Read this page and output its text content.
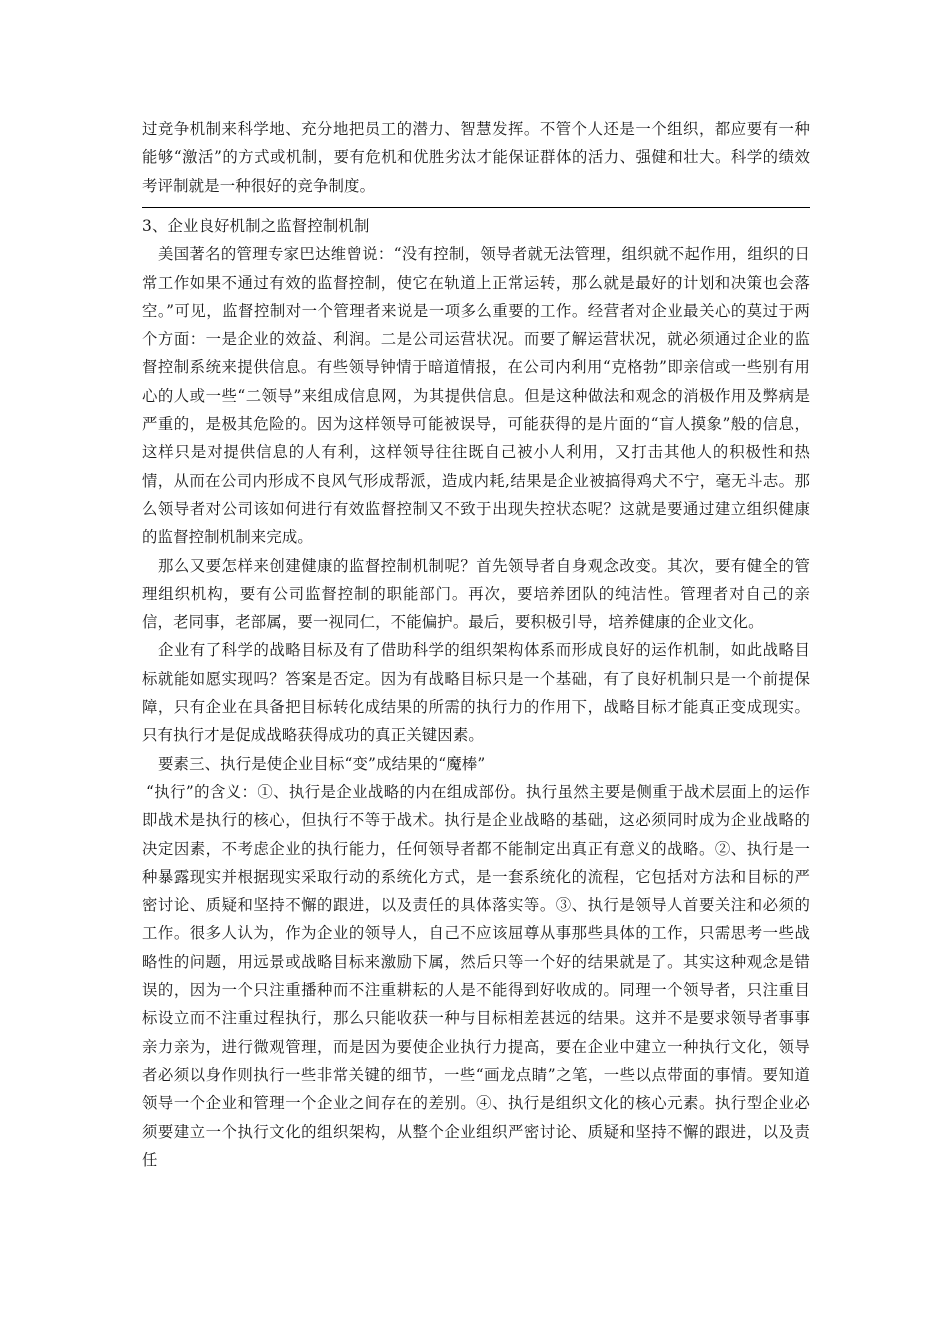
过竞争机制来科学地、充分地把员工的潜力、智慧发挥。不管个人还是一个组织，都应要有一种能够“激活”的方式或机制，要有危机和优胜劣汰才能保证群体的活力、强健和壮大。科学的绩效考评制就是一种很好的竞争制度。

3、企业良好机制之监督控制机制

美国著名的管理专家巴达维曾说：“没有控制，领导者就无法管理，组织就不起作用，组织的日常工作如果不通过有效的监督控制，使它在轨道上正常运转，那么就是最好的计划和决策也会落空。”可见，监督控制对一个管理者来说是一项多么重要的工作。经营者对企业最关心的莫过于两个方面：一是企业的效益、利润。二是公司运营状况。而要了解运营状况，就必须通过企业的监督控制系统来提供信息。有些领导钟情于暗道情报，在公司内利用“克格勃”即亲信或一些别有用心的人或一些“二领导”来组成信息网，为其提供信息。但是这种做法和观念的消极作用及弊病是严重的，是极其危险的。因为这样领导可能被误导，可能获得的是片面的“盲人摸象”般的信息，这样只是对提供信息的人有利，这样领导往往既自己被小人利用，又打击其他人的积极性和热情，从而在公司内形成不良风气形成帮派，造成内耗,结果是企业被搞得鸡犬不宁，毫无斗志。那么领导者对公司该如何进行有效监督控制又不致于出现失控状态呢？这就是要通过建立组织健康的监督控制机制来完成。

那么又要怎样来创建健康的监督控制机制呢？首先领导者自身观念改变。其次，要有健全的管理组织机构，要有公司监督控制的职能部门。再次，要培养团队的纯洁性。管理者对自己的亲信，老同事，老部属，要一视同仁，不能偏护。最后，要积极引导，培养健康的企业文化。

企业有了科学的战略目标及有了借助科学的组织架构体系而形成良好的运作机制，如此战略目标就能如愿实现吗？答案是否定。因为有战略目标只是一个基础，有了良好机制只是一个前提保障，只有企业在具备把目标转化成结果的所需的执行力的作用下，战略目标才能真正变成现实。只有执行才是促成战略获得成功的真正关键因素。

要素三、执行是使企业目标“变”成结果的“魔棒”

“执行”的含义：①、执行是企业战略的内在组成部份。执行虽然主要是侧重于战术层面上的运作即战术是执行的核心，但执行不等于战术。执行是企业战略的基础，这必须同时成为企业战略的决定因素，不考虑企业的执行能力，任何领导者都不能制定出真正有意义的战略。②、执行是一种暴露现实并根据现实采取行动的系统化方式，是一套系统化的流程，它包括对方法和目标的严密讨论、质疑和坚持不懈的跟进，以及责任的具体落实等。③、执行是领导人首要关注和必须的工作。很多人认为，作为企业的领导人，自己不应该屈尊从事那些具体的工作，只需思考一些战略性的问题，用远景或战略目标来激励下属，然后只等一个好的结果就是了。其实这种观念是错误的，因为一个只注重播种而不注重耕耘的人是不能得到好收成的。同理一个领导者，只注重目标设立而不注重过程执行，那么只能收获一种与目标相差甚远的结果。这并不是要求领导者事事亲力亲为，进行微观管理，而是因为要使企业执行力提高，要在企业中建立一种执行文化，领导者必须以身作则执行一些非常关键的细节，一些“画龙点睛”之笔，一些以点带面的事情。要知道领导一个企业和管理一个企业之间存在的差别。④、执行是组织文化的核心元素。执行型企业必须要建立一个执行文化的组织架构，从整个企业组织严密讨论、质疑和坚持不懈的跟进，以及责任
